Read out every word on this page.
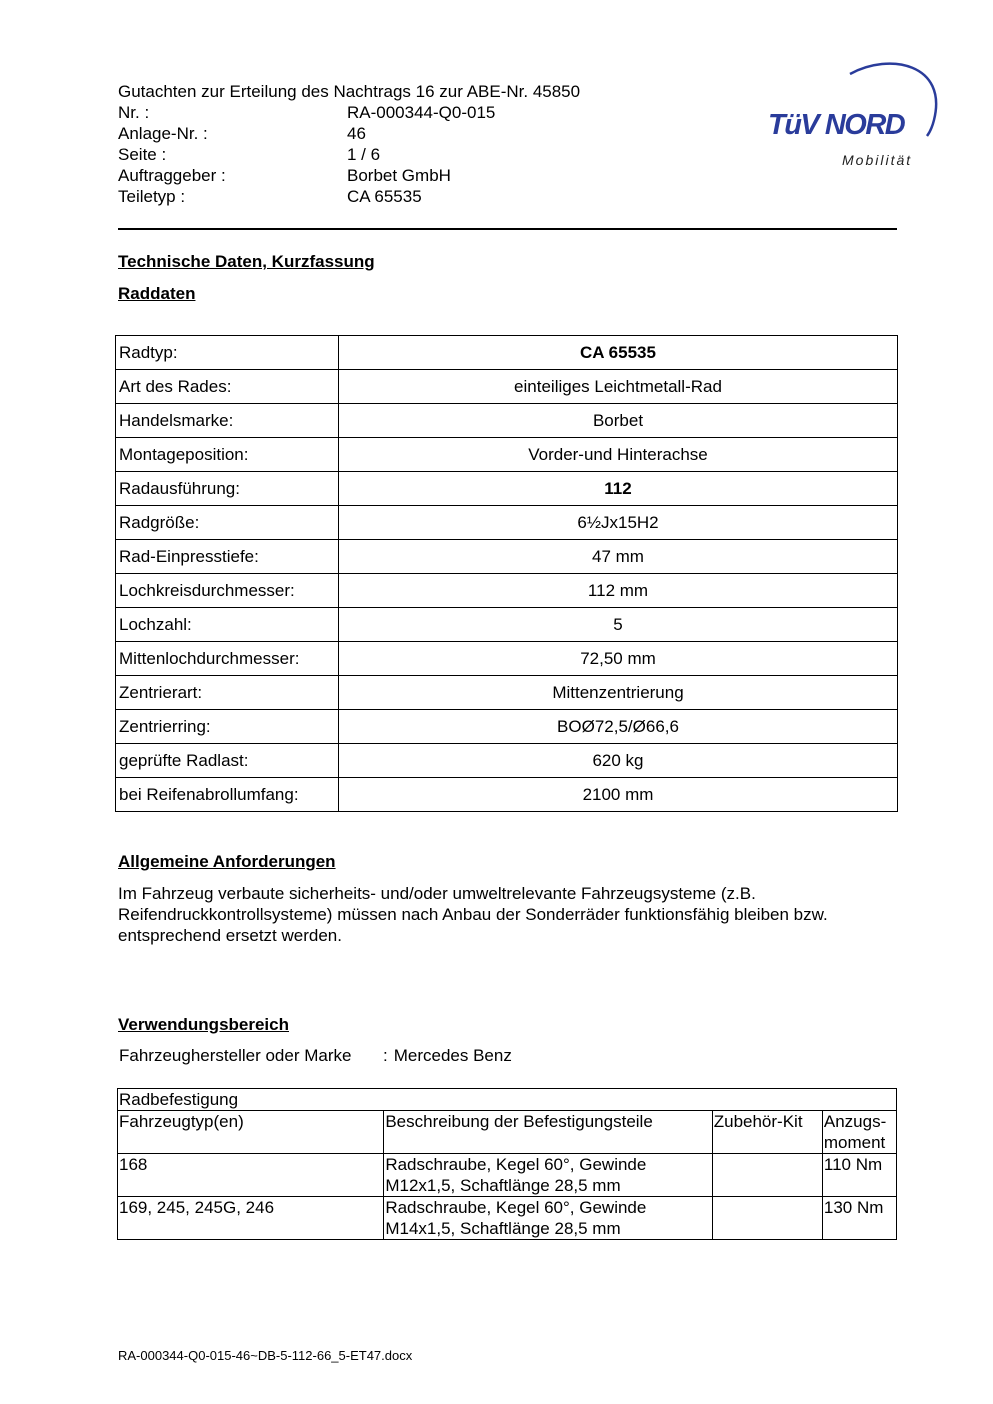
Gutachten zur Erteilung des Nachtrags 16 zur ABE-Nr. 45850
Nr. :	RA-000344-Q0-015
Anlage-Nr. :	46
Seite :	1 / 6
Auftraggeber :	Borbet GmbH
Teiletyp :	CA 65535
TüV NORD
Mobilität
Technische Daten, Kurzfassung
Raddaten
Radtyp:	CA 65535
Art des Rades:	einteiliges Leichtmetall-Rad
Handelsmarke:	Borbet
Montageposition:	Vorder-und Hinterachse
Radausführung:	112
Radgröße:	6½Jx15H2
Rad-Einpresstiefe:	47 mm
Lochkreisdurchmesser:	112 mm
Lochzahl:	5
Mittenlochdurchmesser:	72,50 mm
Zentrierart:	Mittenzentrierung
Zentrierring:	BOØ72,5/Ø66,6
geprüfte Radlast:	620 kg
bei Reifenabrollumfang:	2100 mm
Allgemeine Anforderungen
Im Fahrzeug verbaute sicherheits- und/oder umweltrelevante Fahrzeugsysteme (z.B. Reifendruckkontrollsysteme) müssen nach Anbau der Sonderräder funktionsfähig bleiben bzw. entsprechend ersetzt werden.
Verwendungsbereich
Fahrzeughersteller oder Marke	: Mercedes Benz
Radbefestigung			
Fahrzeugtyp(en)	Beschreibung der Befestigungsteile	Zubehör-Kit	Anzugs-
moment
168	Radschraube, Kegel 60°, Gewinde
M12x1,5, Schaftlänge 28,5 mm		110 Nm
169, 245, 245G, 246	Radschraube, Kegel 60°, Gewinde
M14x1,5, Schaftlänge 28,5 mm		130 Nm
RA-000344-Q0-015-46~DB-5-112-66_5-ET47.docx
